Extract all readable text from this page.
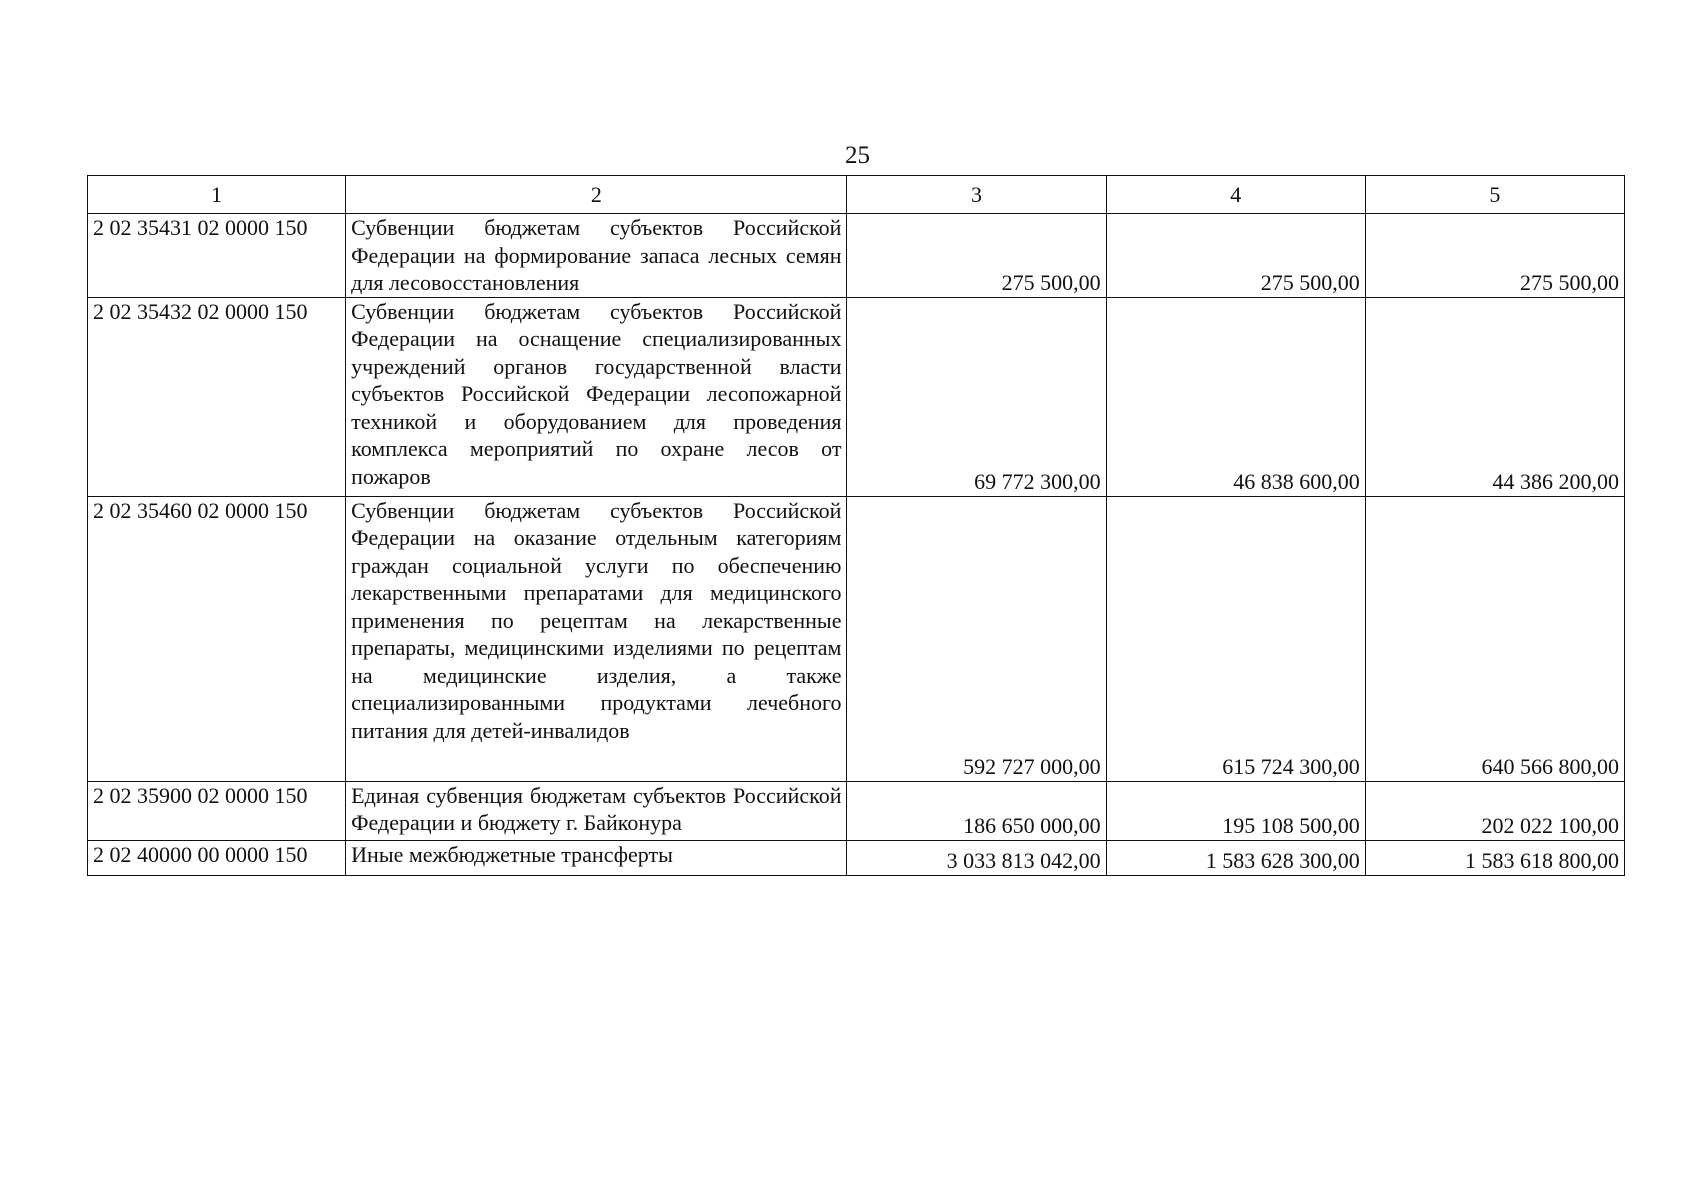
25
1	2	3	4	5
2 02 35431 02 0000 150	Субвенции бюджетам субъектов Российской Федерации на формирование запаса лесных семян для лесовосстановления	275 500,00	275 500,00	275 500,00
2 02 35432 02 0000 150	Субвенции бюджетам субъектов Российской Федерации на оснащение специализированных учреждений органов государственной власти субъектов Российской Федерации лесопожарной техникой и оборудованием для проведения комплекса мероприятий по охране лесов от пожаров	69 772 300,00	46 838 600,00	44 386 200,00
2 02 35460 02 0000 150	Субвенции бюджетам субъектов Российской Федерации на оказание отдельным категориям граждан социальной услуги по обеспечению лекарственными препаратами для медицинского применения по рецептам на лекарственные препараты, медицинскими изделиями по рецептам на медицинские изделия, а также специализированными продуктами лечебного питания для детей-инвалидов	592 727 000,00	615 724 300,00	640 566 800,00
2 02 35900 02 0000 150	Единая субвенция бюджетам субъектов Российской Федерации и бюджету г. Байконура	186 650 000,00	195 108 500,00	202 022 100,00
2 02 40000 00 0000 150	Иные межбюджетные трансферты	3 033 813 042,00	1 583 628 300,00	1 583 618 800,00
